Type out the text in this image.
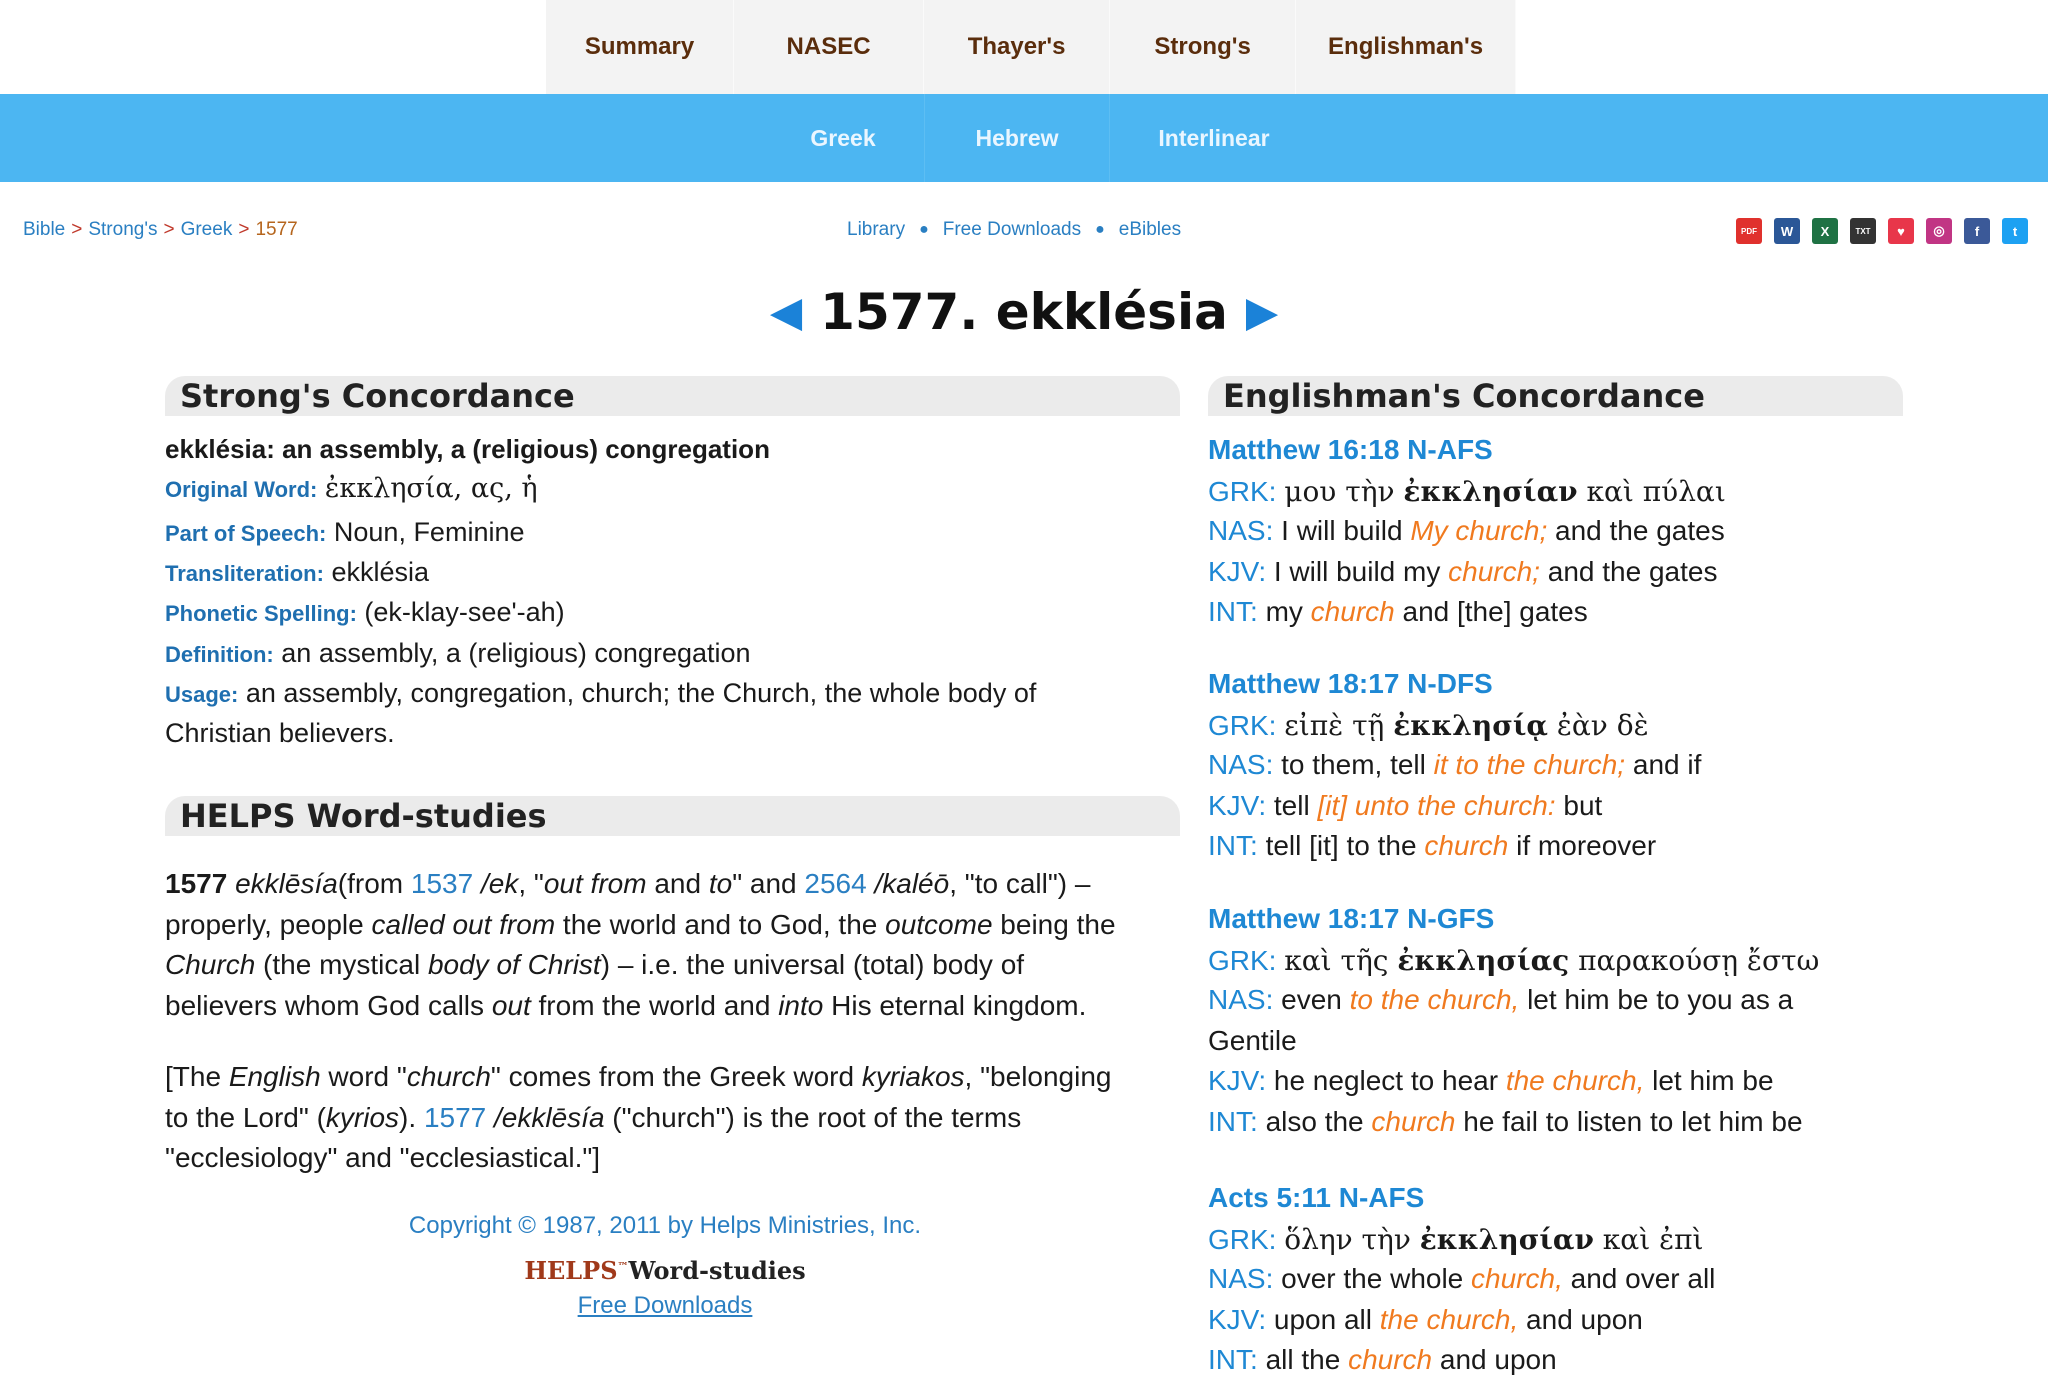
Summary	NASEC	Thayer's	Strong's	Englishman's
Greek	Hebrew	Interlinear
Bible > Strong's > Greek > 1577	Library ● Free Downloads ● eBibles	PDF	W	X	TXT	♥	◎	f	t
◀ 1577. ekklésia ▶
Strong's Concordance
ekklésia: an assembly, a (religious) congregation
Original Word: ἐκκλησία, ας, ἡ
Part of Speech: Noun, Feminine
Transliteration: ekklésia
Phonetic Spelling: (ek-klay-see'-ah)
Definition: an assembly, a (religious) congregation
Usage: an assembly, congregation, church; the Church, the whole body of
Christian believers.
HELPS Word-studies
1577 ekklēsía(from 1537 /ek, "out from and to" and 2564 /kaléō, "to call") –
properly, people called out from the world and to God, the outcome being the
Church (the mystical body of Christ) – i.e. the universal (total) body of
believers whom God calls out from the world and into His eternal kingdom.
[The English word "church" comes from the Greek word kyriakos, "belonging
to the Lord" (kyrios). 1577 /ekklēsía ("church") is the root of the terms
"ecclesiology" and "ecclesiastical."]
Copyright © 1987, 2011 by Helps Ministries, Inc.
HELPS™Word-studies
Free Downloads
Englishman's Concordance
Matthew 16:18 N-AFS
GRK: μου τὴν ἐκκλησίαν καὶ πύλαι
NAS: I will build My church; and the gates
KJV: I will build my church; and the gates
INT: my church and [the] gates
Matthew 18:17 N-DFS
GRK: εἰπὲ τῇ ἐκκλησίᾳ ἐὰν δὲ
NAS: to them, tell it to the church; and if
KJV: tell [it] unto the church: but
INT: tell [it] to the church if moreover
Matthew 18:17 N-GFS
GRK: καὶ τῆς ἐκκλησίας παρακούσῃ ἔστω
NAS: even to the church, let him be to you as a
Gentile
KJV: he neglect to hear the church, let him be
INT: also the church he fail to listen to let him be
Acts 5:11 N-AFS
GRK: ὅλην τὴν ἐκκλησίαν καὶ ἐπὶ
NAS: over the whole church, and over all
KJV: upon all the church, and upon
INT: all the church and upon
